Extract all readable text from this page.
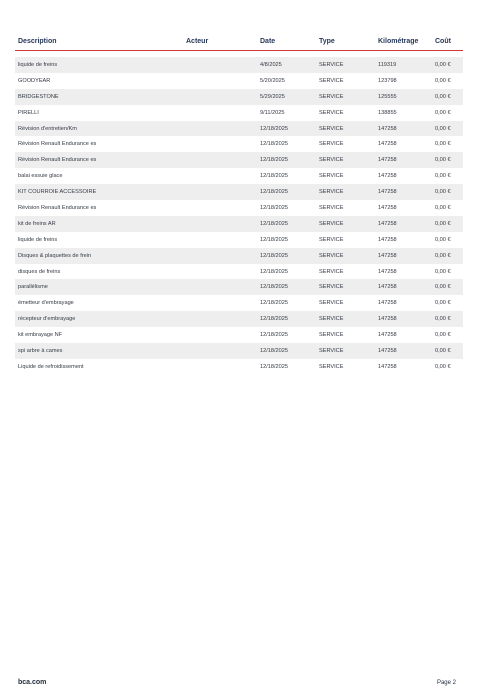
Description	Acteur	Date	Type	Kilométrage	Coût

liquide de freins		4/8/2025	SERVICE	119319	0,00 €
GOODYEAR		5/20/2025	SERVICE	123798	0,00 €
BRIDGESTONE		5/29/2025	SERVICE	125555	0,00 €
PIRELLI		9/11/2025	SERVICE	138855	0,00 €
Révision d'entretien/Km		12/18/2025	SERVICE	147258	0,00 €
Révision Renault Endurance es		12/18/2025	SERVICE	147258	0,00 €
Révision Renault Endurance es		12/18/2025	SERVICE	147258	0,00 €
balai essuie glace		12/18/2025	SERVICE	147258	0,00 €
KIT COURROIE ACCESSOIRE		12/18/2025	SERVICE	147258	0,00 €
Révision Renault Endurance es		12/18/2025	SERVICE	147258	0,00 €
kit de freins AR		12/18/2025	SERVICE	147258	0,00 €
liquide de freins		12/18/2025	SERVICE	147258	0,00 €
Disques & plaquettes de frein		12/18/2025	SERVICE	147258	0,00 €
disques de freins		12/18/2025	SERVICE	147258	0,00 €
parallélisme		12/18/2025	SERVICE	147258	0,00 €
émetteur d'embrayage		12/18/2025	SERVICE	147258	0,00 €
récepteur d'embrayage		12/18/2025	SERVICE	147258	0,00 €
kit embrayage NF		12/18/2025	SERVICE	147258	0,00 €
spi arbre à cames		12/18/2025	SERVICE	147258	0,00 €
Liquide de refroidissement		12/18/2025	SERVICE	147258	0,00 €
bca.com	Page 2
